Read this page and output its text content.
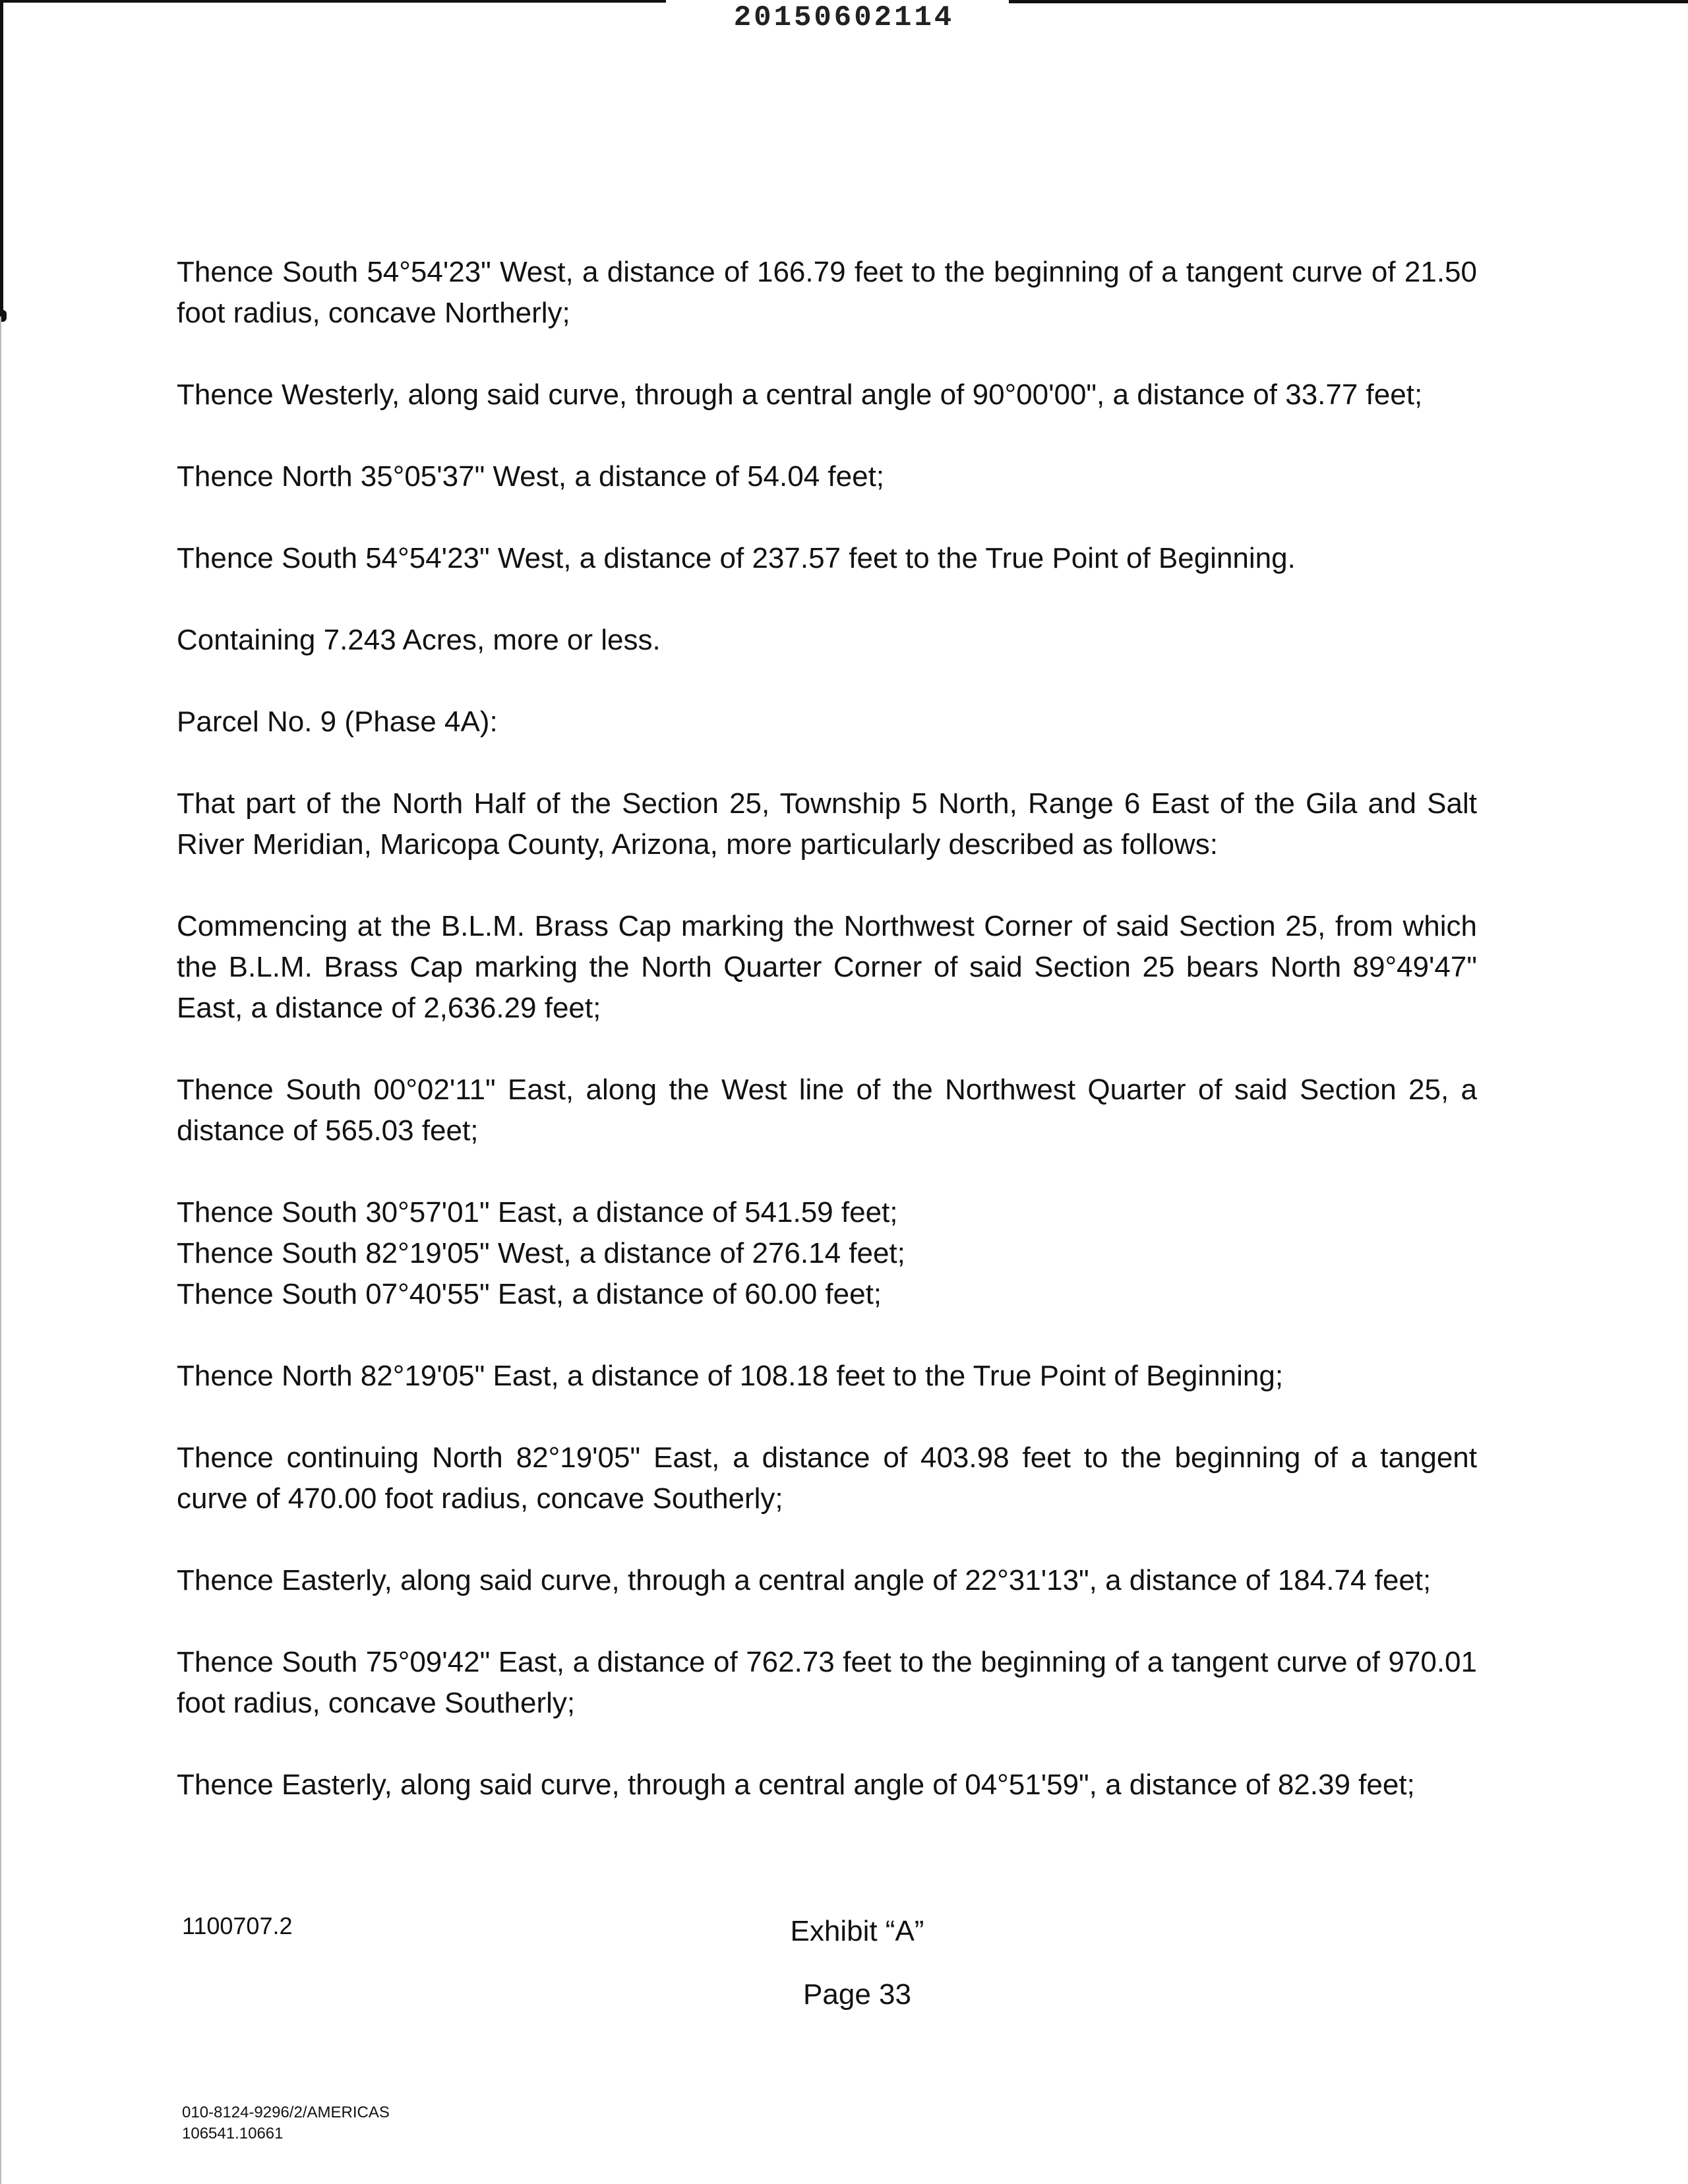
20150602114

Thence South 54°54'23" West, a distance of 166.79 feet to the beginning of a tangent curve of 21.50 foot radius, concave Northerly;

Thence Westerly, along said curve, through a central angle of 90°00'00", a distance of 33.77 feet;

Thence North 35°05'37" West, a distance of 54.04 feet;

Thence South 54°54'23" West, a distance of 237.57 feet to the True Point of Beginning.

Containing 7.243 Acres, more or less.

Parcel No. 9 (Phase 4A):

That part of the North Half of the Section 25, Township 5 North, Range 6 East of the Gila and Salt River Meridian, Maricopa County, Arizona, more particularly described as follows:

Commencing at the B.L.M. Brass Cap marking the Northwest Corner of said Section 25, from which the B.L.M. Brass Cap marking the North Quarter Corner of said Section 25 bears North 89°49'47" East, a distance of 2,636.29 feet;

Thence South 00°02'11" East, along the West line of the Northwest Quarter of said Section 25, a distance of 565.03 feet;

Thence South 30°57'01" East, a distance of 541.59 feet;

Thence South 82°19'05" West, a distance of 276.14 feet;

Thence South 07°40'55" East, a distance of 60.00 feet;

Thence North 82°19'05" East, a distance of 108.18 feet to the True Point of Beginning;

Thence continuing North 82°19'05" East, a distance of 403.98 feet to the beginning of a tangent curve of 470.00 foot radius, concave Southerly;

Thence Easterly, along said curve, through a central angle of 22°31'13", a distance of 184.74 feet;

Thence South 75°09'42" East, a distance of 762.73 feet to the beginning of a tangent curve of 970.01 foot radius, concave Southerly;

Thence Easterly, along said curve, through a central angle of 04°51'59", a distance of 82.39 feet;

1100707.2	Exhibit “A”
Page 33
010-8124-9296/2/AMERICAS
106541.10661
